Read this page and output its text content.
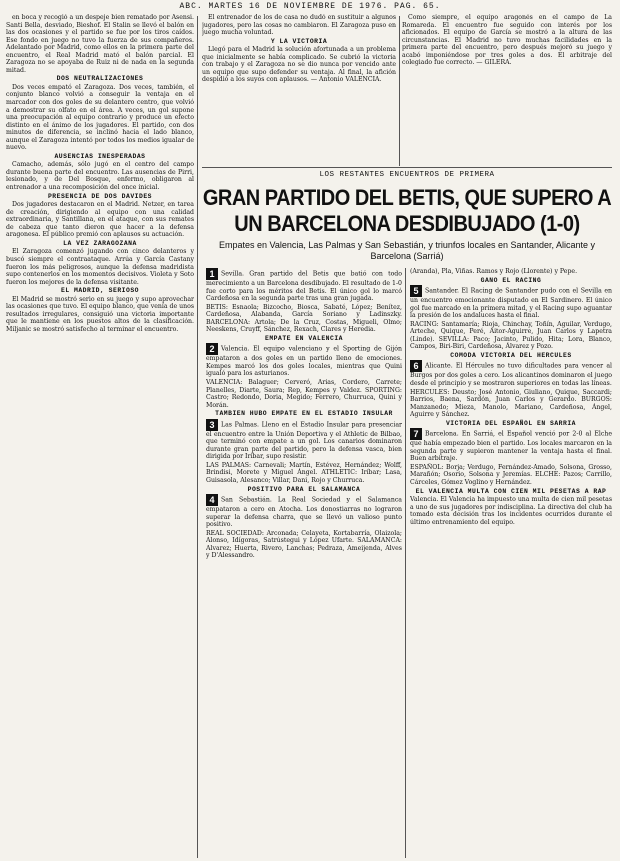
ABC. MARTES 16 DE NOVIEMBRE DE 1976. PAG. 65.

en boca y recogió a un despeje bien rematado por Asensi. Santi Bella, desviado, Bieshof. El Stalin se llevó el balón en las dos ocasiones y el partido se fue por los tiros caídos. Ese fondo en juego no tuvo la fuerza de sus compañeros. Adelantado por Madrid, como ellos en la primera parte del encuentro, el Real Madrid mató el balón parcial. El Zaragoza no se apoyaba de Ruiz ni de nada en la segunda mitad.

DOS NEUTRALIZACIONES

Dos veces empató el Zaragoza. Dos veces, también, el conjunto blanco volvió a conseguir la ventaja en el marcador con dos goles de su delantero centro, que volvió a demostrar su olfato en el área. A veces, un gol supone una preocupación al equipo contrario y produce un efecto distinto en el ánimo de los jugadores. El partido, con dos minutos de diferencia, se inclinó hacia el lado blanco, aunque el Zaragoza intentó por todos los medios igualar de nuevo.

AUSENCIAS INESPERADAS

Camacho, además, sólo jugó en el centro del campo durante buena parte del encuentro. Las ausencias de Pirri, lesionado, y de Del Bosque, enfermo, obligaron al entrenador a una recomposición del once inicial.

PRESENCIA DE DOS DAVIDES

Dos jugadores destacaron en el Madrid. Netzer, en tarea de creación, dirigiendo al equipo con una calidad extraordinaria, y Santillana, en el ataque, con sus remates de cabeza que tanto dieron que hacer a la defensa aragonesa. El público premió con aplausos su actuación.

LA VEZ ZARAGOZANA

El Zaragoza comenzó jugando con cinco delanteros y buscó siempre el contraataque. Arrúa y García Castany fueron los más peligrosos, aunque la defensa madridista supo contenerlos en los momentos decisivos. Violeta y Soto fueron los mejores de la defensa visitante.

EL MADRID, SERIOSO

El Madrid se mostró serio en su juego y supo aprovechar las ocasiones que tuvo. El equipo blanco, que venía de unos resultados irregulares, consiguió una victoria importante que le mantiene en los puestos altos de la clasificación. Miljanic se mostró satisfecho al terminar el encuentro.

El entrenador de los de casa no dudó en sustituir a algunos jugadores, pero las cosas no cambiaron. El Zaragoza puso en juego mucha voluntad.

Y LA VICTORIA

Llegó para el Madrid la solución afortunada a un problema que inicialmente se había complicado. Se cubrió la victoria con trabajo y el Zaragoza no se dio nunca por vencido ante un equipo que supo defender su ventaja. Al final, la afición despidió a los suyos con aplausos. — Antonio VALENCIA.

Como siempre, el equipo aragonés en el campo de La Romareda. El encuentro fue seguido con interés por los aficionados. El equipo de García se mostró a la altura de las circunstancias. El Madrid no tuvo muchas facilidades en la primera parte del encuentro, pero después mejoró su juego y acabó imponiéndose por tres goles a dos. El arbitraje del colegiado fue correcto. — GILERA.

LOS RESTANTES ENCUENTROS DE PRIMERA
GRAN PARTIDO DEL BETIS, QUE SUPERO A UN BARCELONA DESDIBUJADO (1-0)
Empates en Valencia, Las Palmas y San Sebastián, y triunfos locales en Santander, Alicante y Barcelona (Sarriá)

1 Sevilla. Gran partido del Betis que batió con todo merecimiento a un Barcelona desdibujado. El resultado de 1-0 fue corto para los méritos del Betis. El único gol lo marcó Cardeñosa en la segunda parte tras una gran jugada.

BETIS: Esnaola; Bizcocho, Biosca, Sabaté, López; Benítez, Cardeñosa, Alabanda, García Soriano y Ladinszky. BARCELONA: Artola; De la Cruz, Costas, Migueli, Olmo; Neeskens, Cruyff, Sánchez, Rexach, Clares y Heredia.

EMPATE EN VALENCIA

2 Valencia. El equipo valenciano y el Sporting de Gijón empataron a dos goles en un partido lleno de emociones. Kempes marcó los dos goles locales, mientras que Quini igualó para los asturianos.

VALENCIA: Balaguer; Cerveró, Arias, Cordero, Carrete; Planelles, Diarte, Saura; Rep, Kempes y Valdez. SPORTING: Castro; Redondo, Doria, Megido; Ferrero, Churruca, Quini y Morán.

TAMBIEN HUBO EMPATE EN EL ESTADIO INSULAR

3 Las Palmas. Lleno en el Estadio Insular para presenciar el encuentro entre la Unión Deportiva y el Athletic de Bilbao, que terminó con empate a un gol. Los canarios dominaron durante gran parte del partido, pero la defensa vasca, bien dirigida por Iríbar, supo resistir.

LAS PALMAS: Carnevali; Martín, Estévez, Hernández; Wolff, Brindisi, Morete y Miguel Ángel. ATHLETIC: Iríbar; Lasa, Guisasola, Alesanco; Villar, Dani, Rojo y Churruca.

POSITIVO PARA EL SALAMANCA

4 San Sebastián. La Real Sociedad y el Salamanca empataron a cero en Atocha. Los donostiarras no lograron superar la defensa charra, que se llevó un valioso punto positivo.

REAL SOCIEDAD: Arconada; Celayeta, Kortabarría, Olaizola; Alonso, Idígoras, Satrústegui y López Ufarte. SALAMANCA: Alvarez; Huerta, Rivero, Lanchas; Pedraza, Ameijenda, Alves y D'Alessandro.

(Aranda), Pla, Viñas. Ramos y Rojo (Llorente) y Pepe.

GANO EL RACING

5 Santander. El Racing de Santander pudo con el Sevilla en un encuentro emocionante disputado en El Sardinero. El único gol fue marcado en la primera mitad, y el Racing supo aguantar la presión de los andaluces hasta el final.

RACING: Santamaría; Rioja, Chinchay, Toñín, Aguilar, Verdugo, Arteche, Quique, Peré, Aitor-Aguirre, Juan Carlos y Lapetra (Linde). SEVILLA: Paco; Jacinto, Pulido, Hita; Lora, Blanco, Campos, Biri-Biri, Cardeñosa, Álvarez y Pozo.

COMODA VICTORIA DEL HERCULES

6 Alicante. El Hércules no tuvo dificultades para vencer al Burgos por dos goles a cero. Los alicantinos dominaron el juego desde el principio y se mostraron superiores en todas las líneas.

HERCULES: Deusto; José Antonio, Giuliano, Quique, Saccardi; Barrios, Baena, Sardón, Juan Carlos y Gerardo. BURGOS: Manzanedo; Mieza, Manolo, Mariano, Cardeñosa, Ángel, Aguirre y Sánchez.

VICTORIA DEL ESPAÑOL EN SARRIA

7 Barcelona. En Sarriá, el Español venció por 2-0 al Elche que había empezado bien el partido. Los locales marcaron en la segunda parte y supieron mantener la ventaja hasta el final. Buen arbitraje.

ESPAÑOL: Borja; Verdugo, Fernández-Amado, Solsona, Grosso, Marañón; Osorio, Solsona y Jeremías. ELCHE: Pazos; Carrillo, Cárceles, Gómez Voglino y Hernández.

EL VALENCIA MULTA CON CIEN MIL PESETAS A RAP

Valencia. El Valencia ha impuesto una multa de cien mil pesetas a uno de sus jugadores por indisciplina. La directiva del club ha tomado esta decisión tras los incidentes ocurridos durante el último entrenamiento del equipo.
